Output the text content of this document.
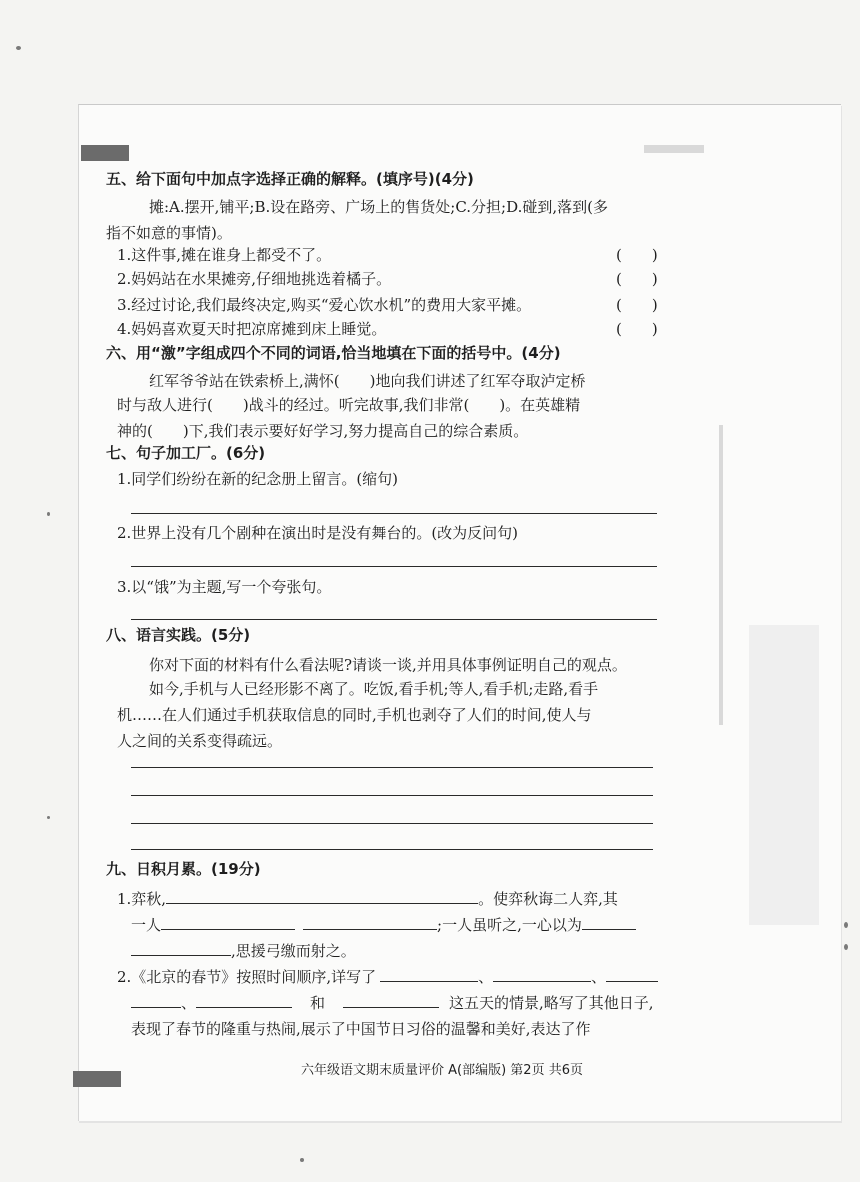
五、给下面句中加点字选择正确的解释。(填序号)(4分)
摊:A.摆开,铺平;B.设在路旁、广场上的售货处;C.分担;D.碰到,落到(多
指不如意的事情)。
1.这件事,摊在谁身上都受不了。	(　　)
2.妈妈站在水果摊旁,仔细地挑选着橘子。	(　　)
3.经过讨论,我们最终决定,购买“爱心饮水机”的费用大家平摊。	(　　)
4.妈妈喜欢夏天时把凉席摊到床上睡觉。	(　　)
六、用“激”字组成四个不同的词语,恰当地填在下面的括号中。(4分)
红军爷爷站在铁索桥上,满怀(　　)地向我们讲述了红军夺取泸定桥
时与敌人进行(　　)战斗的经过。听完故事,我们非常(　　)。在英雄精
神的(　　)下,我们表示要好好学习,努力提高自己的综合素质。
七、句子加工厂。(6分)
1.同学们纷纷在新的纪念册上留言。(缩句)
2.世界上没有几个剧种在演出时是没有舞台的。(改为反问句)
3.以“饿”为主题,写一个夸张句。
八、语言实践。(5分)
你对下面的材料有什么看法呢?请谈一谈,并用具体事例证明自己的观点。
如今,手机与人已经形影不离了。吃饭,看手机;等人,看手机;走路,看手
机……在人们通过手机获取信息的同时,手机也剥夺了人们的时间,使人与
人之间的关系变得疏远。
九、日积月累。(19分)
1.弈秋,	。使弈秋诲二人弈,其
一人	;一人虽听之,一心以为
,思援弓缴而射之。
2.《北京的春节》按照时间顺序,详写了	、	、
、	和	这五天的情景,略写了其他日子,
表现了春节的隆重与热闹,展示了中国节日习俗的温馨和美好,表达了作
六年级语文期末质量评价 A(部编版) 第2页 共6页
